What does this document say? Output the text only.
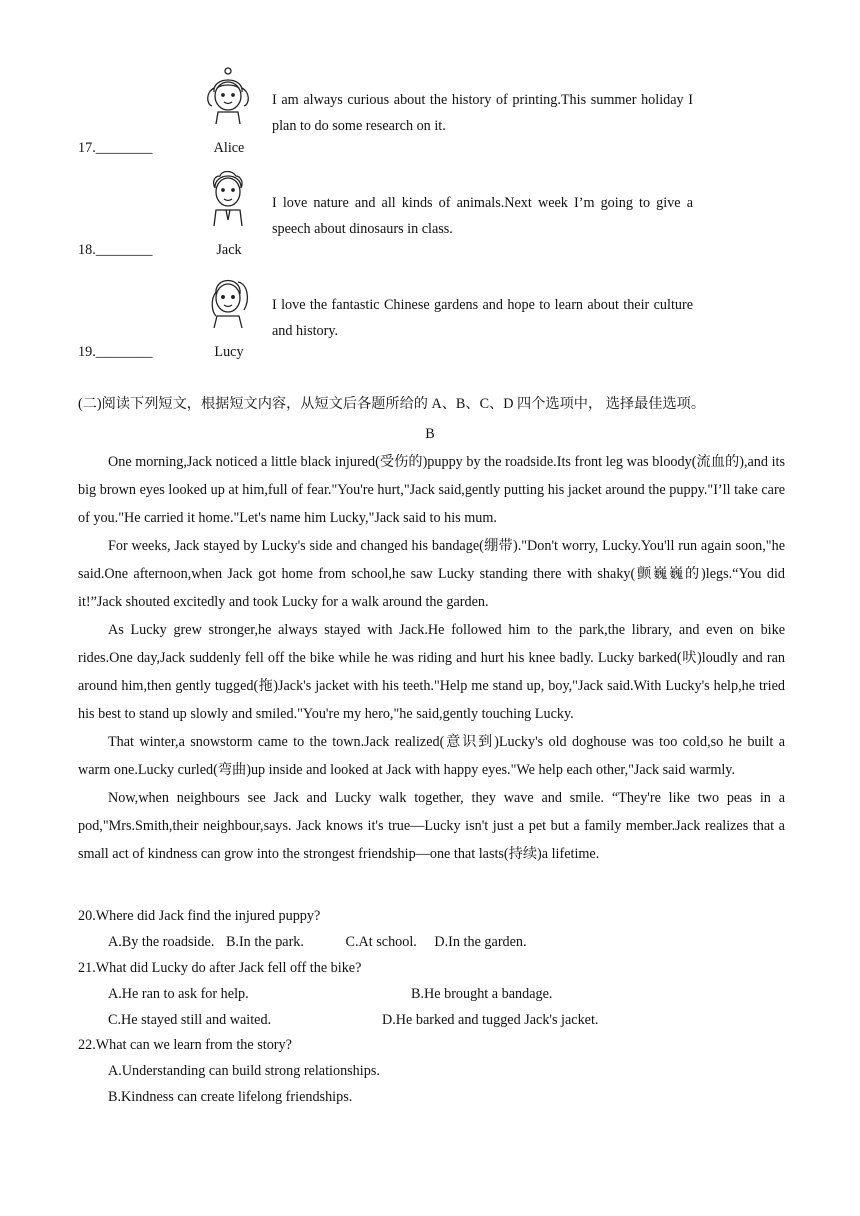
I am always curious about the history of printing.This summer holiday I plan to do some research on it.
17.________	Alice
I love nature and all kinds of animals.Next week I’m going to give a speech about dinosaurs in class.
18.________	Jack
I love the fantastic Chinese gardens and hope to learn about their culture and history.
19.________	Lucy
(二)阅读下列短文，根据短文内容，从短文后各题所给的 A、B、C、D 四个选项中， 选择最佳选项。
B

One morning,Jack noticed a little black injured(受伤的)puppy by the roadside.Its front leg was bloody(流血的),and its big brown eyes looked up at him,full of fear."You're hurt,"Jack said,gently putting his jacket around the puppy."I’ll take care of you."He carried it home."Let's name him Lucky,"Jack said to his mum.

For weeks, Jack stayed by Lucky's side and changed his bandage(绷带)."Don't worry, Lucky.You'll run again soon,"he said.One afternoon,when Jack got home from school,he saw Lucky standing there with shaky(颤巍巍的)legs.“You did it!”Jack shouted excitedly and took Lucky for a walk around the garden.

As Lucky grew stronger,he always stayed with Jack.He followed him to the park,the library, and even on bike rides.One day,Jack suddenly fell off the bike while he was riding and hurt his knee badly. Lucky barked(吠)loudly and ran around him,then gently tugged(拖)Jack's jacket with his teeth."Help me stand up, boy,"Jack said.With Lucky's help,he tried his best to stand up slowly and smiled."You're my hero,"he said,gently touching Lucky.

That winter,a snowstorm came to the town.Jack realized(意识到)Lucky's old doghouse was too cold,so he built a warm one.Lucky curled(弯曲)up inside and looked at Jack with happy eyes."We help each other,"Jack said warmly.

Now,when neighbours see Jack and Lucky walk together, they wave and smile. “They're like two peas in a pod,"Mrs.Smith,their neighbour,says. Jack knows it's true—Lucky isn't just a pet but a family member.Jack realizes that a small act of kindness can grow into the strongest friendship—one that lasts(持续)a lifetime.

20.Where did Jack find the injured puppy?
A.By the roadside. B.In the park.	C.At school. D.In the garden.
21.What did Lucky do after Jack fell off the bike?
A.He ran to ask for help.	B.He brought a bandage.
C.He stayed still and waited.	D.He barked and tugged Jack's jacket.
22.What can we learn from the story?
A.Understanding can build strong relationships.
B.Kindness can create lifelong friendships.
